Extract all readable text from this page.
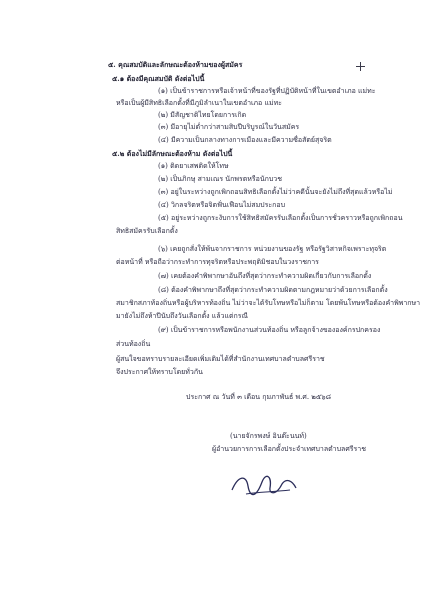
๕. คุณสมบัติและลักษณะต้องห้ามของผู้สมัคร
๕.๑ ต้องมีคุณสมบัติ ดังต่อไปนี้
(๑) เป็นข้าราชการหรือเจ้าหน้าที่ของรัฐที่ปฏิบัติหน้าที่ในเขตอำเภอ แม่ทะ
หรือเป็นผู้มีสิทธิเลือกตั้งที่มีภูมิลำเนาในเขตอำเภอ แม่ทะ
(๒) มีสัญชาติไทยโดยการเกิด
(๓) มีอายุไม่ต่ำกว่าสามสิบปีบริบูรณ์ในวันสมัคร
(๔) มีความเป็นกลางทางการเมืองและมีความซื่อสัตย์สุจริต
๕.๒ ต้องไม่มีลักษณะต้องห้าม ดังต่อไปนี้
(๑) ติดยาเสพติดให้โทษ
(๒) เป็นภิกษุ สามเณร นักพรตหรือนักบวช
(๓) อยู่ในระหว่างถูกเพิกถอนสิทธิเลือกตั้งไม่ว่าคดีนั้นจะยังไม่ถึงที่สุดแล้วหรือไม่
(๔) วิกลจริตหรือจิตฟั่นเฟือนไม่สมประกอบ
(๕) อยู่ระหว่างถูกระงับการใช้สิทธิสมัครรับเลือกตั้งเป็นการชั่วคราวหรือถูกเพิกถอน
สิทธิสมัครรับเลือกตั้ง
(๖) เคยถูกสั่งให้พ้นจากราชการ หน่วยงานของรัฐ หรือรัฐวิสาหกิจเพราะทุจริต
ต่อหน้าที่ หรือถือว่ากระทำการทุจริตหรือประพฤติมิชอบในวงราชการ
(๗) เคยต้องคำพิพากษาอันถึงที่สุดว่ากระทำความผิดเกี่ยวกับการเลือกตั้ง
(๘) ต้องคำพิพากษาถึงที่สุดว่ากระทำความผิดตามกฎหมายว่าด้วยการเลือกตั้ง
สมาชิกสภาท้องถิ่นหรือผู้บริหารท้องถิ่น ไม่ว่าจะได้รับโทษหรือไม่ก็ตาม โดยพ้นโทษหรือต้องคำพิพากษา
มายังไม่ถึงห้าปีนับถึงวันเลือกตั้ง แล้วแต่กรณี
(๙) เป็นข้าราชการหรือพนักงานส่วนท้องถิ่น หรือลูกจ้างขององค์กรปกครอง
ส่วนท้องถิ่น
ผู้สนใจขอทราบรายละเอียดเพิ่มเติมได้ที่สำนักงานเทศบาลตำบลศรีราช
จึงประกาศให้ทราบโดยทั่วกัน
ประกาศ ณ วันที่ ๓ เดือน กุมภาพันธ์ พ.ศ. ๒๕๖๘
(นายจักรพงษ์ อินต๊ะนนท์)
ผู้อำนวยการการเลือกตั้งประจำเทศบาลตำบลศรีราช
